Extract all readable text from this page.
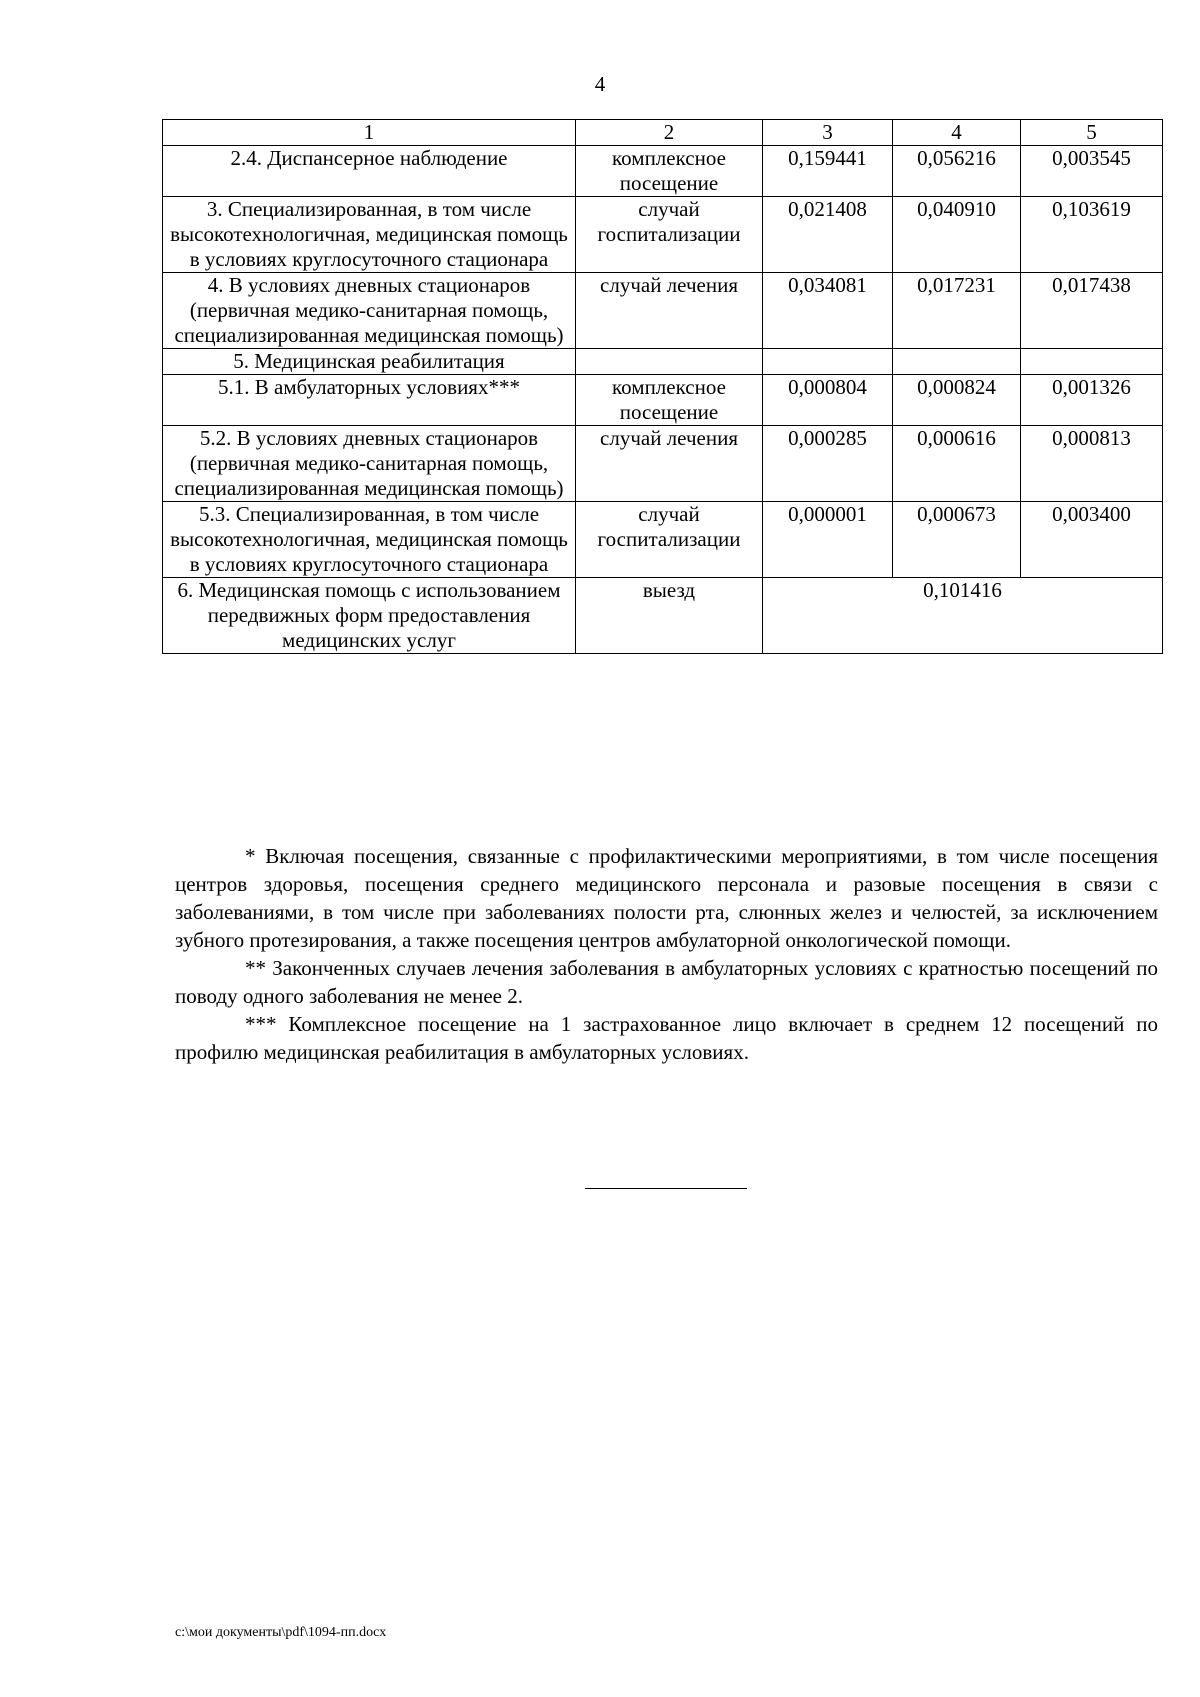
4
1	2	3	4	5
2.4. Диспансерное наблюдение	комплексное посещение	0,159441	0,056216	0,003545
3. Специализированная, в том числе высокотехнологичная, медицинская помощь в условиях круглосуточного стационара	случай госпитализации	0,021408	0,040910	0,103619
4. В условиях дневных стационаров (первичная медико-санитарная помощь, специализированная медицинская помощь)	случай лечения	0,034081	0,017231	0,017438
5. Медицинская реабилитация				
5.1. В амбулаторных условиях***	комплексное посещение	0,000804	0,000824	0,001326
5.2. В условиях дневных стационаров (первичная медико-санитарная помощь, специализированная медицинская помощь)	случай лечения	0,000285	0,000616	0,000813
5.3. Специализированная, в том числе высокотехнологичная, медицинская помощь в условиях круглосуточного стационара	случай госпитализации	0,000001	0,000673	0,003400
6. Медицинская помощь с использованием передвижных форм предоставления медицинских услуг	выезд	0,101416		

* Включая посещения, связанные с профилактическими мероприятиями, в том числе посещения центров здоровья, посещения среднего медицинского персонала и разовые посещения в связи с заболеваниями, в том числе при заболеваниях полости рта, слюнных желез и челюстей, за исключением зубного протезирования, а также посещения центров амбулаторной онкологической помощи.

** Законченных случаев лечения заболевания в амбулаторных условиях с кратностью посещений по поводу одного заболевания не менее 2.

*** Комплексное посещение на 1 застрахованное лицо включает в среднем 12 посещений по профилю медицинская реабилитация в амбулаторных условиях.

c:\мои документы\pdf\1094-пп.docx
